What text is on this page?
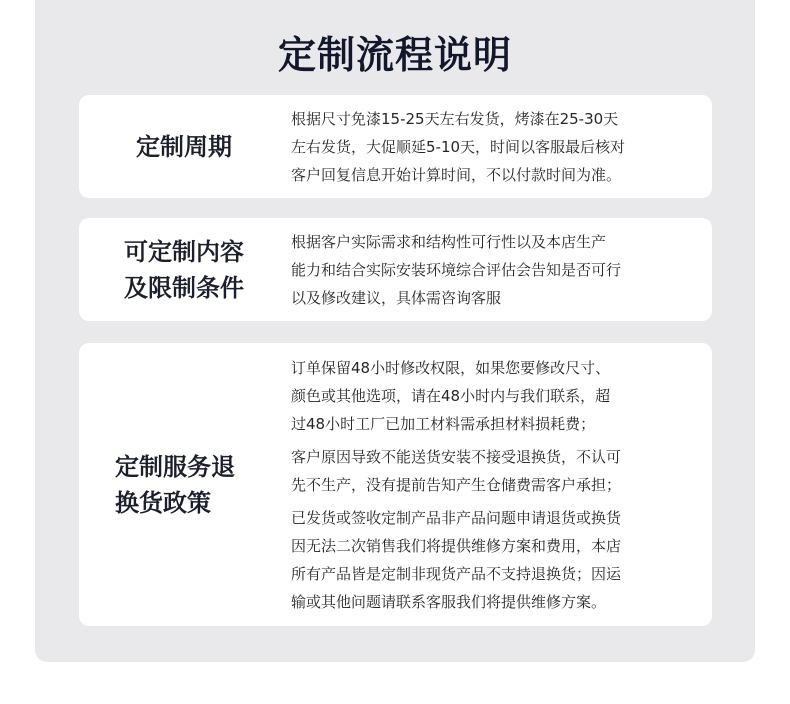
定制流程说明
定制周期
根据尺寸免漆15-25天左右发货，烤漆在25-30天
左右发货，大促顺延5-10天，时间以客服最后核对
客户回复信息开始计算时间，不以付款时间为准。
可定制内容
及限制条件
根据客户实际需求和结构性可行性以及本店生产
能力和结合实际安装环境综合评估会告知是否可行
以及修改建议，具体需咨询客服
定制服务退
换货政策
订单保留48小时修改权限，如果您要修改尺寸、
颜色或其他选项，请在48小时内与我们联系，超
过48小时工厂已加工材料需承担材料损耗费；
客户原因导致不能送货安装不接受退换货，不认可
先不生产，没有提前告知产生仓储费需客户承担；
已发货或签收定制产品非产品问题申请退货或换货
因无法二次销售我们将提供维修方案和费用，本店
所有产品皆是定制非现货产品不支持退换货；因运
输或其他问题请联系客服我们将提供维修方案。
